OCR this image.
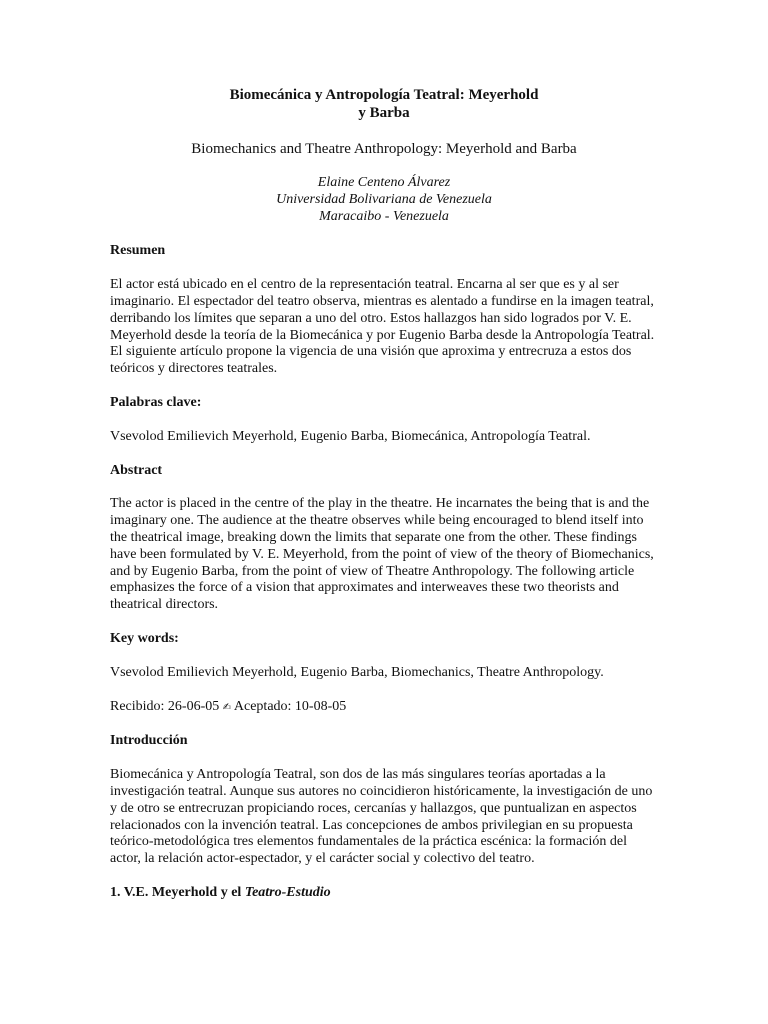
Biomecánica y Antropología Teatral: Meyerhold
y Barba
Biomechanics and Theatre Anthropology: Meyerhold and Barba
Elaine Centeno Álvarez
Universidad Bolivariana de Venezuela
Maracaibo - Venezuela
Resumen
El actor está ubicado en el centro de la representación teatral. Encarna al ser que es y al ser imaginario. El espectador del teatro observa, mientras es alentado a fundirse en la imagen teatral, derribando los límites que separan a uno del otro. Estos hallazgos han sido logrados por V. E. Meyerhold desde la teoría de la Biomecánica y por Eugenio Barba desde la Antropología Teatral. El siguiente artículo propone la vigencia de una visión que aproxima y entrecruza a estos dos teóricos y directores teatrales.
Palabras clave:
Vsevolod Emilievich Meyerhold, Eugenio Barba, Biomecánica, Antropología Teatral.
Abstract
The actor is placed in the centre of the play in the theatre. He incarnates the being that is and the imaginary one. The audience at the theatre observes while being encouraged to blend itself into the theatrical image, breaking down the limits that separate one from the other. These findings have been formulated by V. E. Meyerhold, from the point of view of the theory of Biomechanics, and by Eugenio Barba, from the point of view of Theatre Anthropology. The following article emphasizes the force of a vision that approximates and interweaves these two theorists and theatrical directors.
Key words:
Vsevolod Emilievich Meyerhold, Eugenio Barba, Biomechanics, Theatre Anthropology.
Recibido: 26-06-05 ✍ Aceptado: 10-08-05
Introducción
Biomecánica y Antropología Teatral, son dos de las más singulares teorías aportadas a la investigación teatral. Aunque sus autores no coincidieron históricamente, la investigación de uno y de otro se entrecruzan propiciando roces, cercanías y hallazgos, que puntualizan en aspectos relacionados con la invención teatral. Las concepciones de ambos privilegian en su propuesta teórico-metodológica tres elementos fundamentales de la práctica escénica: la formación del actor, la relación actor-espectador, y el carácter social y colectivo del teatro.
1. V.E. Meyerhold y el Teatro-Estudio
